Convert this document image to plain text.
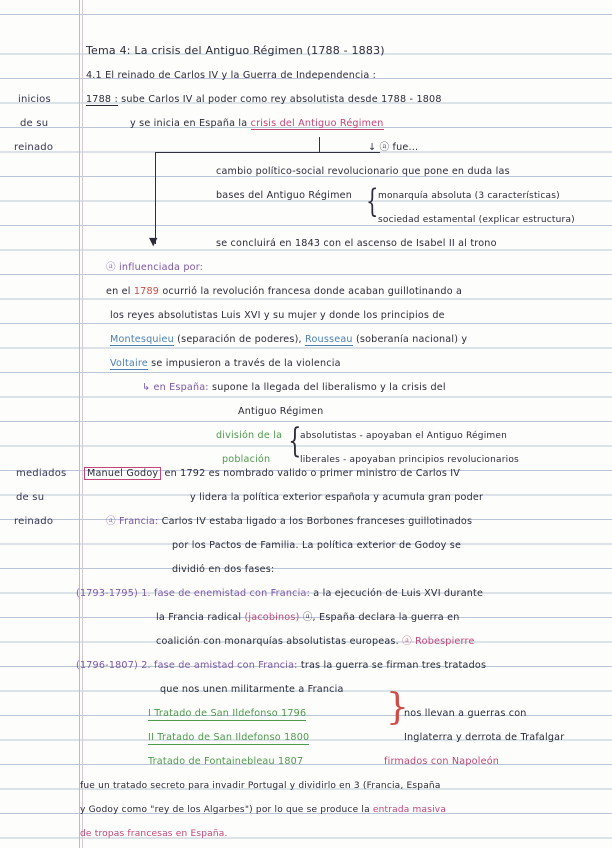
inicios
de su
reinado
mediados
de su
reinado
Tema 4: La crisis del Antiguo Régimen (1788 - 1883)
4.1 El reinado de Carlos IV y la Guerra de Independencia :
1788 : sube Carlos IV al poder como rey absolutista desde 1788 - 1808
y se inicia en España la crisis del Antiguo Régimen
▼
↓ ⓐ fue...
cambio político-social revolucionario que pone en duda las
bases del Antiguo Régimen { monarquía absoluta (3 características)
sociedad estamental (explicar estructura)
se concluirá en 1843 con el ascenso de Isabel II al trono
ⓐ influenciada por:
en el 1789 ocurrió la revolución francesa donde acaban guillotinando a
los reyes absolutistas Luis XVI y su mujer y donde los principios de
Montesquieu (separación de poderes), Rousseau (soberanía nacional) y
Voltaire se impusieron a través de la violencia
↳ en España: supone la llegada del liberalismo y la crisis del
Antiguo Régimen
división de la
población {
absolutistas - apoyaban el Antiguo Régimen
liberales - apoyaban principios revolucionarios
Manuel Godoy en 1792 es nombrado valido o primer ministro de Carlos IV
y lidera la política exterior española y acumula gran poder
ⓐ Francia: Carlos IV estaba ligado a los Borbones franceses guillotinados
por los Pactos de Familia. La política exterior de Godoy se
dividió en dos fases:
(1793-1795) 1. fase de enemistad con Francia: a la ejecución de Luis XVI durante
la Francia radical (jacobinos) ⓐ, España declara la guerra en
coalición con monarquías absolutistas europeas. ⓐ Robespierre
(1796-1807) 2. fase de amistad con Francia: tras la guerra se firman tres tratados
que nos unen militarmente a Francia
I Tratado de San Ildefonso 1796
II Tratado de San Ildefonso 1800
Tratado de Fontainebleau 1807
}
nos llevan a guerras con
Inglaterra y derrota de Trafalgar
firmados con Napoleón
fue un tratado secreto para invadir Portugal y dividirlo en 3 (Francia, España
y Godoy como "rey de los Algarbes") por lo que se produce la entrada masiva
de tropas francesas en España.
